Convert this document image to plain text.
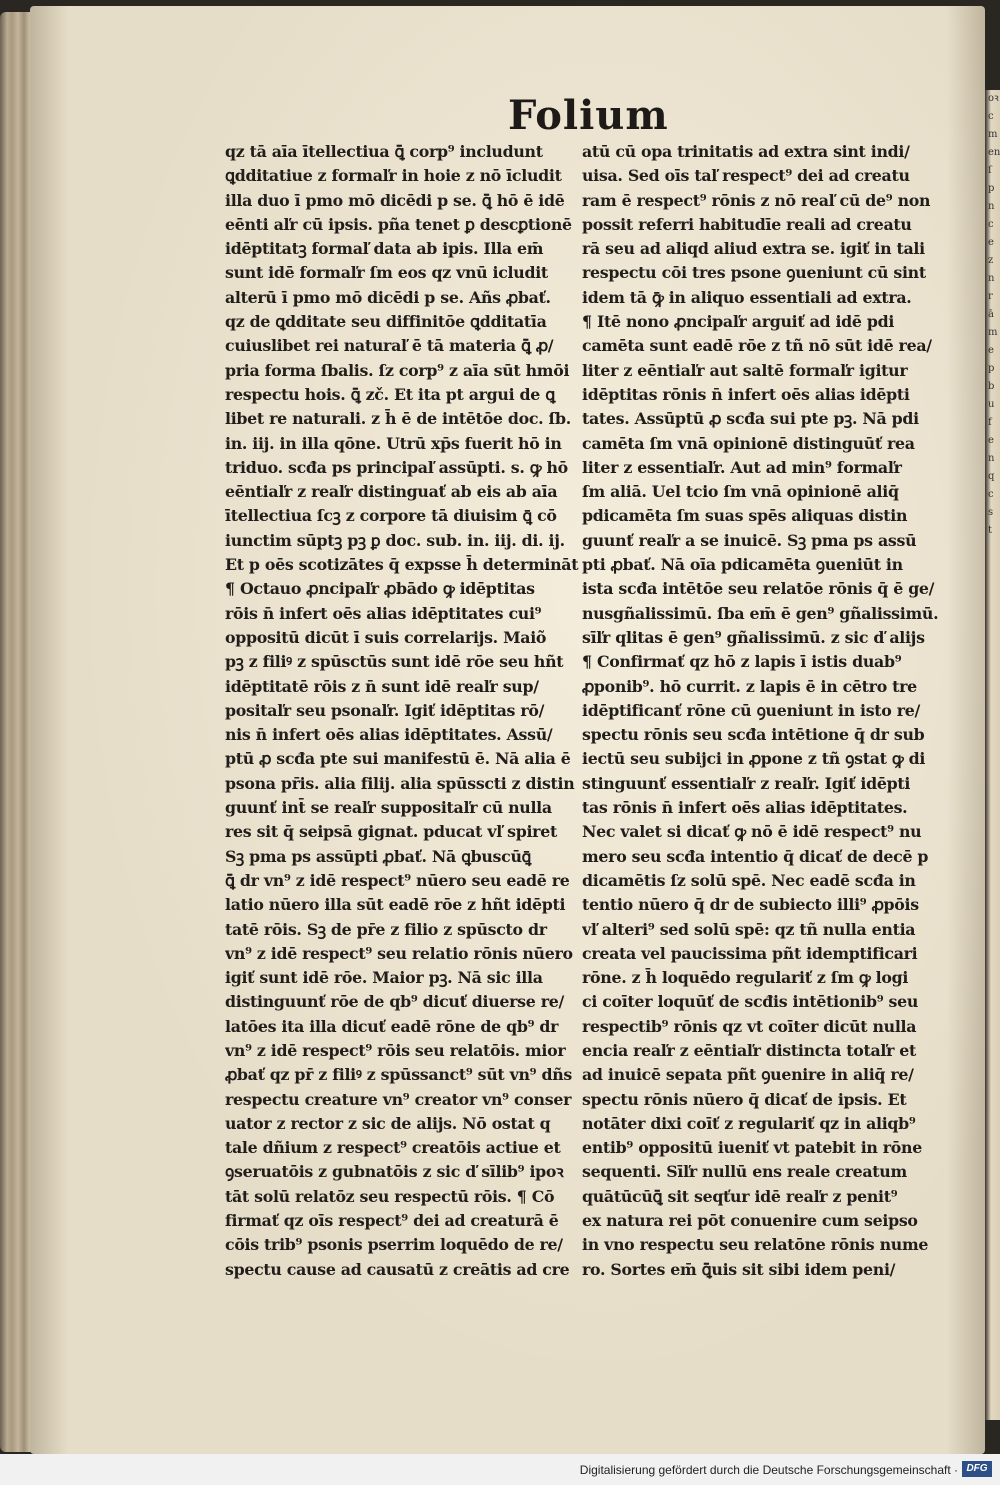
oꝛ
c
m
en
ſ
p
n
c
e
z
n
r
ā
m
e
p
b
u
f
e
n
q
c
s
t
Folium
qz tā aīa ītellectiua ꝗ̄ corp⁹ includunt
ꝗdditatiue z formaľr in hoie z nō īcludit
illa duo ī pmo mō dicēdi p se. ꝗ̄ hō ē idē
eēnti aľr cū ipsis. pña tenet ꝑ descꝑtionē
idēptitatꝫ formaľ data ab ipis. Illa em̄
sunt idē formaľr ſm eos qz vnū icludit
alterū ī pmo mō dicēdi p se. Añs ꝓbať.
qz de ꝗdditate seu diffinitōe ꝗdditatīa
cuiuslibet rei naturaľ ē tā materia ꝗ̄ ꝓ/
pria forma ſbalis. ſz corp⁹ z aīa sūt hmōi
respectu hois. ꝗ̄ zč. Et ita pt argui de ꝗ
libet re naturali. z h̄ ē de intētōe doc. ſb.
in. iij. in illa qōne. Utrū xp̄s fuerit hō in
triduo. scđa ps principaľ assūpti. s. ꝙ hō
eēntiaľr z reaľr distinguať ab eis ab aīa
ītellectiua ſcꝫ z corpore tā diuisim ꝗ̄ cō
iunctim sūptꝫ pꝫ ꝑ doc. sub. in. iij. di. ij.
Et p oēs scotizātes q̄ expsse h̄ determināt
¶ Octauo ꝓncipaľr ꝓbādo ꝙ idēptitas
rōis n̄ infert oēs alias idēptitates cui⁹
oppositū dicūt ī suis correlarijs. Maiõ
pꝫ z filiꝰ z spūsctūs sunt idē rōe seu hñt
idēptitatē rōis z n̄ sunt idē reaľr sup/
positaľr seu psonaľr. Igiť idēptitas rō/
nis n̄ infert oēs alias idēptitates. Assū/
ptū ꝓ scđa pte sui manifestū ē. Nā alia ē
psona pr̄is. alia filij. alia spūsscti z distin
guunť int̄ se reaľr suppositaľr cū nulla
res sit q̄ seipsā gignat. pducat vľ spiret
Sꝫ pma ps assūpti ꝓbať. Nā ꝗbuscūꝗ̄
ꝗ̄ dr vn⁹ z idē respect⁹ nūero seu eadē re
latio nūero illa sūt eadē rōe z hñt idēpti
tatē rōis. Sꝫ de pr̄e z filio z spūscto dr
vn⁹ z idē respect⁹ seu relatio rōnis nūero
igiť sunt idē rōe. Maior pꝫ. Nā sic illa
distinguunť rōe de qb⁹ dicuť diuerse re/
latōes ita illa dicuť eadē rōne de qb⁹ dr
vn⁹ z idē respect⁹ rōis seu relatōis. mior
ꝓbať qz pr̄ z filiꝰ z spūssanct⁹ sūt vn⁹ dñs
respectu creature vn⁹ creator vn⁹ conser
uator z rector z sic de alijs. Nō ostat q
tale dñium z respect⁹ creatōis actiue et
ꝯseruatōis z gubnatōis z sic ď sīlib⁹ ipoꝛ
tāt solū relatōz seu respectū rōis. ¶ Cō
firmať qz oīs respect⁹ dei ad creaturā ē
cōis trib⁹ psonis pserrim loquēdo de re/
spectu cause ad causatū z creātis ad cre
atū cū opa trinitatis ad extra sint indi/
uisa. Sed oīs taľ respect⁹ dei ad creatu
ram ē respect⁹ rōnis z nō reaľ cū de⁹ non
possit referri habitudīe reali ad creatu
rā seu ad aliqd aliud extra se. igiť in tali
respectu cōi tres psone ꝯueniunt cū sint
idem tā ꝙ̄ in aliquo essentiali ad extra.
¶ Itē nono ꝓncipaľr arguiť ad idē pdi
camēta sunt eadē rōe z tñ nō sūt idē rea/
liter z eēntiaľr aut saltē formaľr igitur
idēptitas rōnis n̄ infert oēs alias idēpti
tates. Assūptū ꝓ scđa sui pte pꝫ. Nā pdi
camēta ſm vnā opinionē distinguūť rea
liter z essentiaľr. Aut ad min⁹ formaľr
ſm aliā. Uel tcio ſm vnā opinionē aliq̄
pdicamēta ſm suas spēs aliquas distin
guunť reaľr a se inuicē. Sꝫ pma ps assū
pti ꝓbať. Nā oīa pdicamēta ꝯueniūt in
ista scđa intētōe seu relatōe rōnis q̄ ē ge/
nusgñalissimū. ſba em̄ ē gen⁹ gñalissimū.
sīľr qlitas ē gen⁹ gñalissimū. z sic ď alijs
¶ Confirmať qz hō z lapis ī istis duab⁹
ꝓponib⁹. hō currit. z lapis ē in cētro tre
idēptificanť rōne cū ꝯueniunt in isto re/
spectu rōnis seu scđa intētione q̄ dr sub
iectū seu subijci in ꝓpone z tñ ꝯstat ꝙ di
stinguunť essentiaľr z reaľr. Igiť idēpti
tas rōnis n̄ infert oēs alias idēptitates.
Nec valet si dicať ꝙ nō ē idē respect⁹ nu
mero seu scđa intentio q̄ dicať de decē p
dicamētis ſz solū spē. Nec eadē scđa in
tentio nūero q̄ dr de subiecto illi⁹ ꝓpōis
vľ alteri⁹ sed solū spē: qz tñ nulla entia
creata vel paucissima pñt idemptificari
rōne. z h̄ loquēdo regulariť z ſm ꝙ logi
ci coīter loquūť de scđis intētionib⁹ seu
respectib⁹ rōnis qz vt coīter dicūt nulla
encia reaľr z eēntiaľr distincta totaľr et
ad inuicē sepata pñt ꝯuenire in aliq̄ re/
spectu rōnis nūero q̄ dicať de ipsis. Et
notāter dixi coīť z regulariť qz in aliqb⁹
entib⁹ oppositū iueniť vt patebit in rōne
sequenti. Sīľr nullū ens reale creatum
quātūcūꝗ̄ sit seqťur idē reaľr z penit⁹
ex natura rei pōt conuenire cum seipso
in vno respectu seu relatōne rōnis nume
ro. Sortes em̄ ꝗ̄uis sit sibi idem peni/
Digitalisierung gefördert durch die Deutsche Forschungsgemeinschaft · DFG
